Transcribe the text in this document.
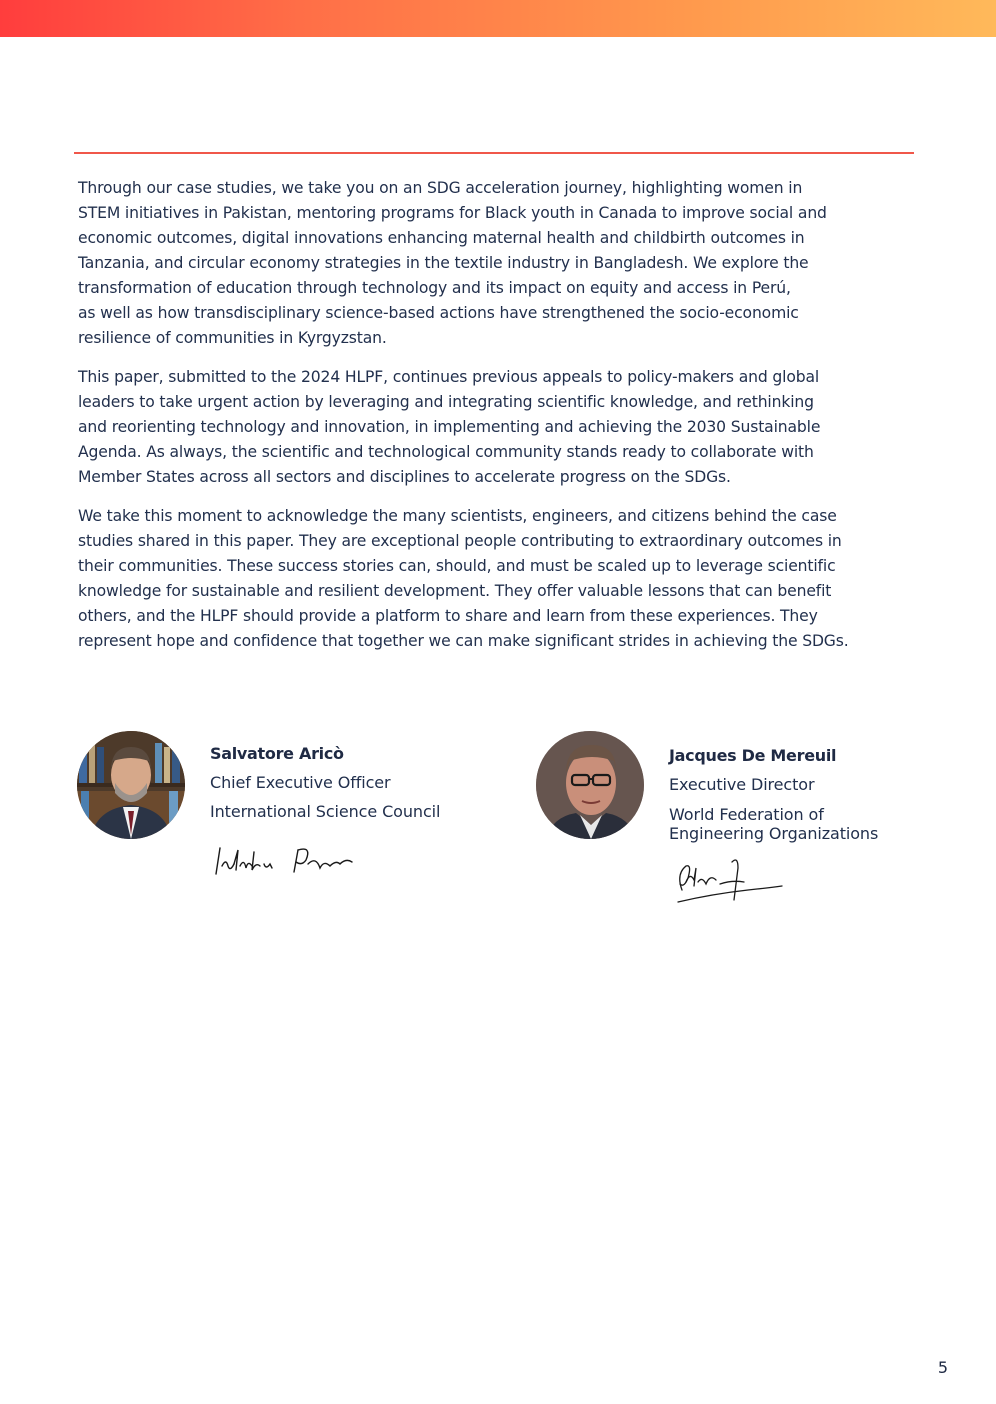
Through our case studies, we take you on an SDG acceleration journey, highlighting women in
STEM initiatives in Pakistan, mentoring programs for Black youth in Canada to improve social and
economic outcomes, digital innovations enhancing maternal health and childbirth outcomes in
Tanzania, and circular economy strategies in the textile industry in Bangladesh. We explore the
transformation of education through technology and its impact on equity and access in Perú,
as well as how transdisciplinary science-based actions have strengthened the socio-economic
resilience of communities in Kyrgyzstan.

This paper, submitted to the 2024 HLPF, continues previous appeals to policy-makers and global
leaders to take urgent action by leveraging and integrating scientific knowledge, and rethinking
and reorienting technology and innovation, in implementing and achieving the 2030 Sustainable
Agenda. As always, the scientific and technological community stands ready to collaborate with
Member States across all sectors and disciplines to accelerate progress on the SDGs.

We take this moment to acknowledge the many scientists, engineers, and citizens behind the case
studies shared in this paper. They are exceptional people contributing to extraordinary outcomes in
their communities. These success stories can, should, and must be scaled up to leverage scientific
knowledge for sustainable and resilient development. They offer valuable lessons that can benefit
others, and the HLPF should provide a platform to share and learn from these experiences. They
represent hope and confidence that together we can make significant strides in achieving the SDGs.

Salvatore Aricò
Chief Executive Officer
International Science Council
Jacques De Mereuil
Executive Director
World Federation of
Engineering Organizations
5
